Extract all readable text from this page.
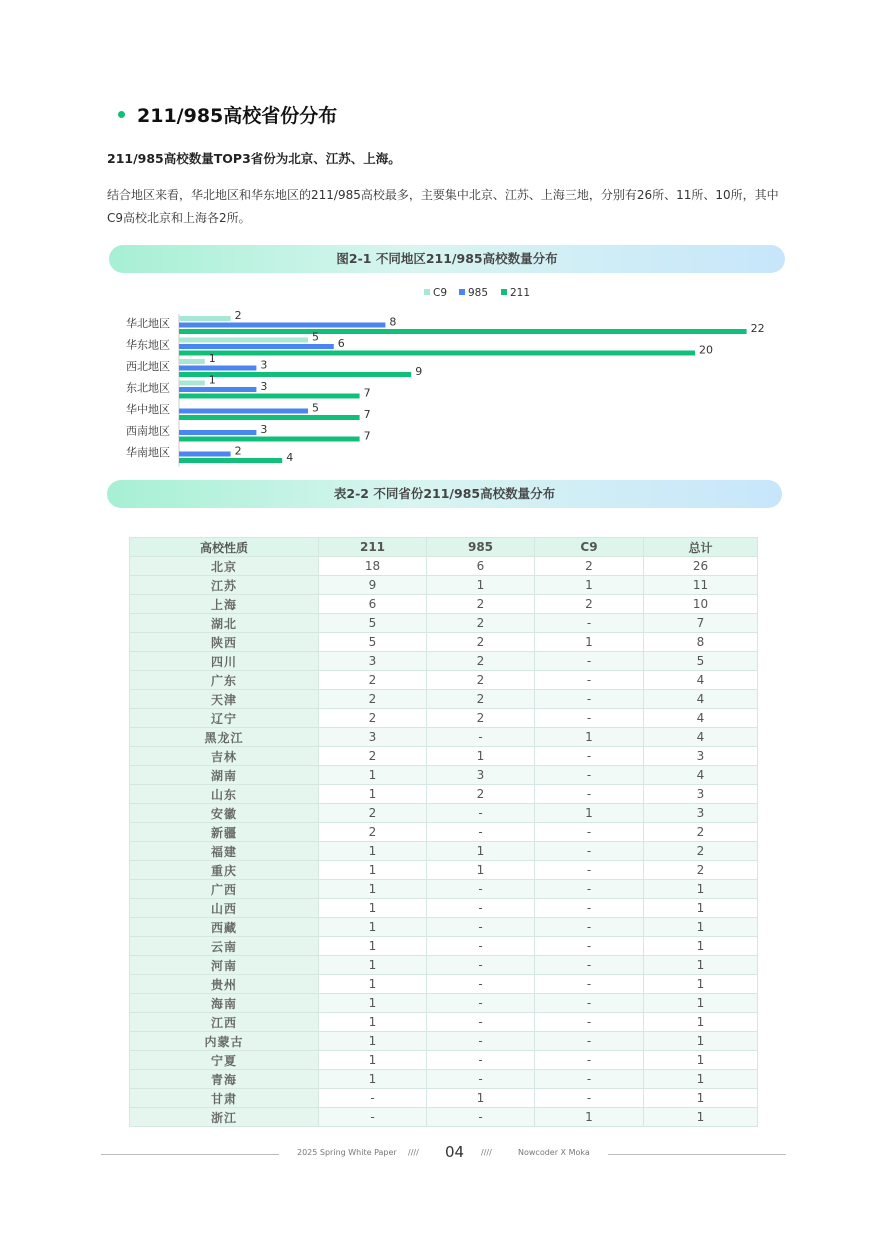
211/985高校省份分布
211/985高校数量TOP3省份为北京、江苏、上海。
结合地区来看，华北地区和华东地区的211/985高校最多，主要集中北京、江苏、上海三地，分别有26所、11所、10所，其中C9高校北京和上海各2所。
图2-1 不同地区211/985高校数量分布
C9 985 211
华北地区
2	8	22
华东地区
5 6	20
西北地区
1	3	9
东北地区
1	3	7
华中地区	5	7
西南地区	3	7
华南地区	2	4
表2-2 不同省份211/985高校数量分布
高校性质	211	985	C9	总计
北京	18	6	2	26
江苏	9	1	1	11
上海	6	2	2	10
湖北	5	2	-	7
陕西	5	2	1	8
四川	3	2	-	5
广东	2	2	-	4
天津	2	2	-	4
辽宁	2	2	-	4
黑龙江	3	-	1	4
吉林	2	1	-	3
湖南	1	3	-	4
山东	1	2	-	3
安徽	2	-	1	3
新疆	2	-	-	2
福建	1	1	-	2
重庆	1	1	-	2
广西	1	-	-	1
山西	1	-	-	1
西藏	1	-	-	1
云南	1	-	-	1
河南	1	-	-	1
贵州	1	-	-	1
海南	1	-	-	1
江西	1	-	-	1
内蒙古	1	-	-	1
宁夏	1	-	-	1
青海	1	-	-	1
甘肃	-	1	-	1
浙江	-	-	1	1
2025 Spring White Paper //// 04 ////	Nowcoder X Moka
